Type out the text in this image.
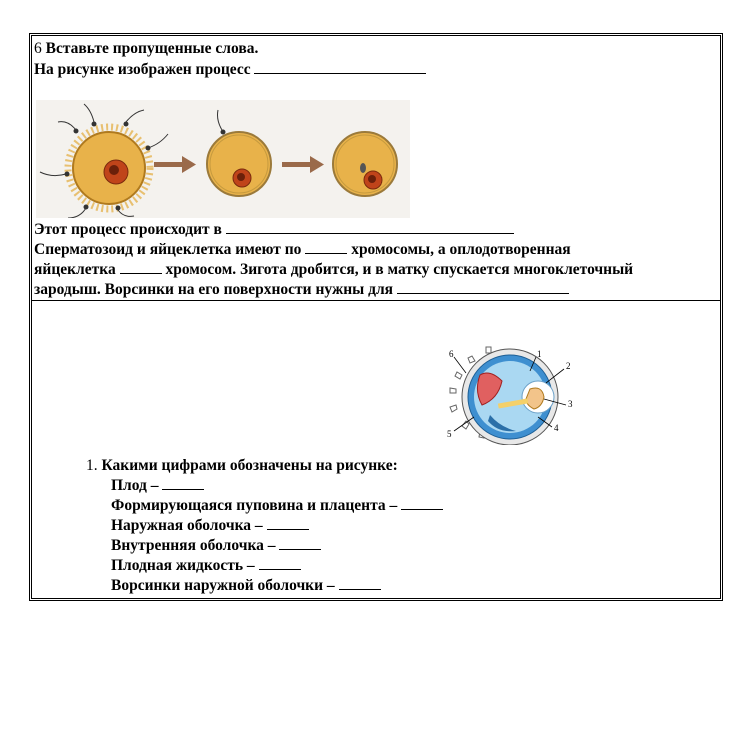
6 Вставьте пропущенные слова.
На рисунке изображен процесс
Этот процесс происходит в
Сперматозоид и яйцеклетка имеют по	хромосомы, а оплодотворенная
яйцеклетка	хромосом. Зигота дробится, и в матку спускается многоклеточный
зародыш. Ворсинки на его поверхности нужны для
1
2
3
4
5
6
1. Какими цифрами обозначены на рисунке:
Плод –
Формирующаяся пуповина и плацента –
Наружная оболочка –
Внутренняя оболочка –
Плодная жидкость –
Ворсинки наружной оболочки –
